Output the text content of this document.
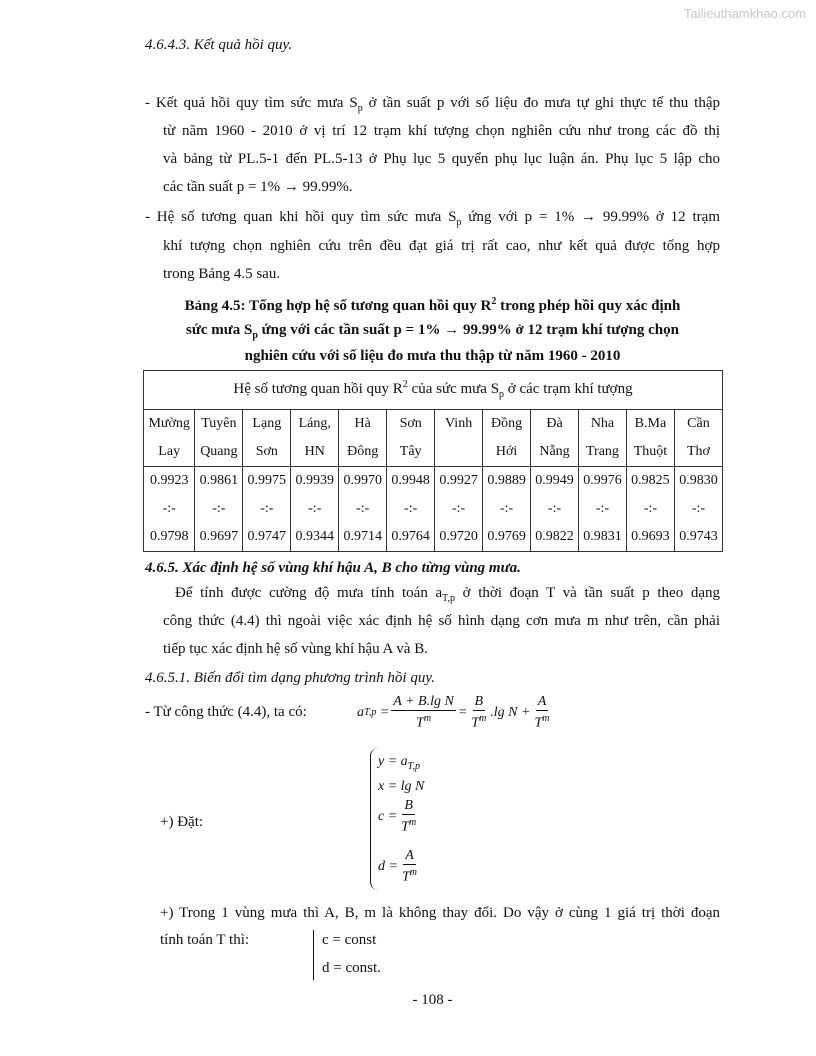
Tailieuthamkhao.com
4.6.4.3. Kết quả hồi quy.
- Kết quả hồi quy tìm sức mưa $S_p$ ở tần suất p với số liệu đo mưa tự ghi thực tế thu thập
từ năm 1960 - 2010 ở vị trí 12 trạm khí tượng chọn nghiên cứu như trong các đồ thị
và bảng từ PL.5-1 đến PL.5-13 ở Phụ lục 5 quyển phụ lục luận án. Phụ lục 5 lập cho
các tần suất p = 1% → 99.99%.
- Hệ số tương quan khi hồi quy tìm sức mưa $S_p$ ứng với p = 1% → 99.99% ở 12 trạm
khí tượng chọn nghiên cứu trên đều đạt giá trị rất cao, như kết quả được tổng hợp
trong Bảng 4.5 sau.
Bảng 4.5: Tổng hợp hệ số tương quan hồi quy $R^2$ trong phép hồi quy xác định
sức mưa $S_p$ ứng với các tần suất p = 1% → 99.99% ở 12 trạm khí tượng chọn
nghiên cứu với số liệu đo mưa thu thập từ năm 1960 - 2010
Hệ số tương quan hồi quy $R^2$ của sức mưa $S_p$ ở các trạm khí tượng											
Mường	Tuyên	Lạng	Láng,	Hà	Sơn	Vinh	Đồng	Đà	Nha	B.Ma	Cần
Lay	Quang	Sơn	HN	Đông	Tây		Hới	Nẵng	Trang	Thuột	Thơ
0.9923	0.9861	0.9975	0.9939	0.9970	0.9948	0.9927	0.9889	0.9949	0.9976	0.9825	0.9830
-:-	-:-	-:-	-:-	-:-	-:-	-:-	-:-	-:-	-:-	-:-	-:-
0.9798	0.9697	0.9747	0.9344	0.9714	0.9764	0.9720	0.9769	0.9822	0.9831	0.9693	0.9743
4.6.5. Xác định hệ số vùng khí hậu A, B cho từng vùng mưa.
Để tính được cường độ mưa tính toán $a_{T,p}$ ở thời đoạn T và tần suất p theo dạng
công thức (4.4) thì ngoài việc xác định hệ số hình dạng cơn mưa m như trên, cần phải
tiếp tục xác định hệ số vùng khí hậu A và B.
4.6.5.1. Biến đổi tìm dạng phương trình hồi quy.
- Từ công thức (4.4), ta có:	a $T,p = \frac{\text{A + B.lg N}}{T^m} = \frac{B}{T^m} .\lg$ $N + \frac{A}{T^m}$
+) Đặt:
$y = a_{T,p}$
x = lg N
$c = \frac{B}{T^m}$
$d = \frac{A}{T^m}$
+) Trong 1 vùng mưa thì A, B, m là không thay đổi. Do vậy ở cùng 1 giá trị thời đoạn
tính toán T thì:	c = const
d = const.
- 108 -
